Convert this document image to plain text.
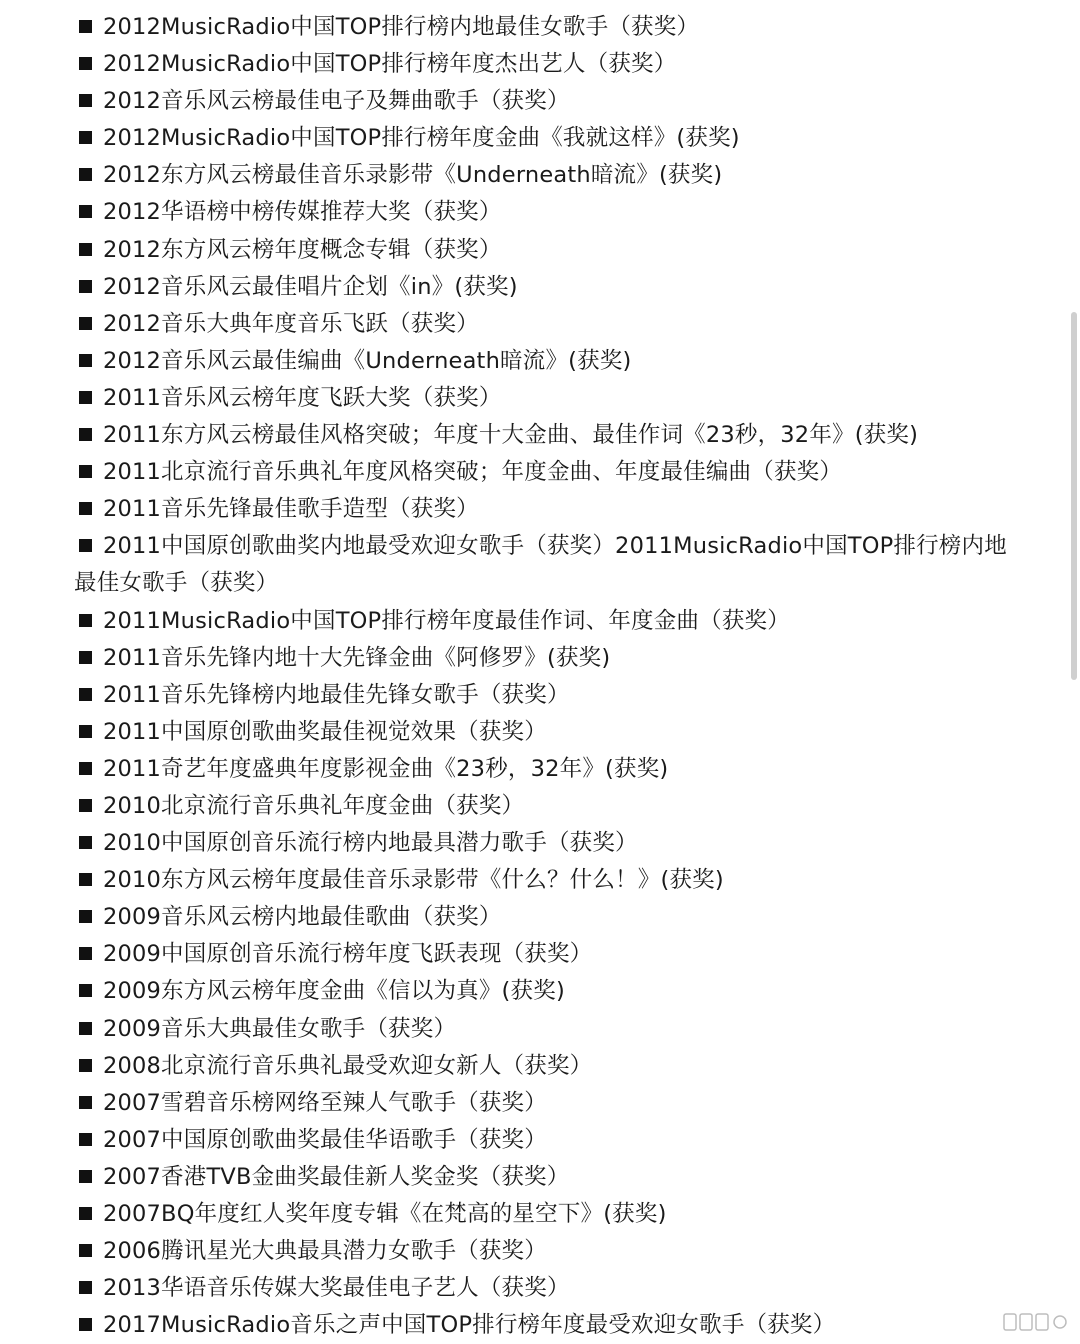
2012MusicRadio中国TOP排行榜内地最佳女歌手（获奖）
2012MusicRadio中国TOP排行榜年度杰出艺人（获奖）
2012音乐风云榜最佳电子及舞曲歌手（获奖）
2012MusicRadio中国TOP排行榜年度金曲《我就这样》(获奖)
2012东方风云榜最佳音乐录影带《Underneath暗流》(获奖)
2012华语榜中榜传媒推荐大奖（获奖）
2012东方风云榜年度概念专辑（获奖）
2012音乐风云最佳唱片企划《in》(获奖)
2012音乐大典年度音乐飞跃（获奖）
2012音乐风云最佳编曲《Underneath暗流》(获奖)
2011音乐风云榜年度飞跃大奖（获奖）
2011东方风云榜最佳风格突破；年度十大金曲、最佳作词《23秒，32年》(获奖)
2011北京流行音乐典礼年度风格突破；年度金曲、年度最佳编曲（获奖）
2011音乐先锋最佳歌手造型（获奖）
2011中国原创歌曲奖内地最受欢迎女歌手（获奖）2011MusicRadio中国TOP排行榜内地最佳女歌手（获奖）
2011MusicRadio中国TOP排行榜年度最佳作词、年度金曲（获奖）
2011音乐先锋内地十大先锋金曲《阿修罗》(获奖)
2011音乐先锋榜内地最佳先锋女歌手（获奖）
2011中国原创歌曲奖最佳视觉效果（获奖）
2011奇艺年度盛典年度影视金曲《23秒，32年》(获奖)
2010北京流行音乐典礼年度金曲（获奖）
2010中国原创音乐流行榜内地最具潜力歌手（获奖）
2010东方风云榜年度最佳音乐录影带《什么？什么！》(获奖)
2009音乐风云榜内地最佳歌曲（获奖）
2009中国原创音乐流行榜年度飞跃表现（获奖）
2009东方风云榜年度金曲《信以为真》(获奖)
2009音乐大典最佳女歌手（获奖）
2008北京流行音乐典礼最受欢迎女新人（获奖）
2007雪碧音乐榜网络至辣人气歌手（获奖）
2007中国原创歌曲奖最佳华语歌手（获奖）
2007香港TVB金曲奖最佳新人奖金奖（获奖）
2007BQ年度红人奖年度专辑《在梵高的星空下》(获奖)
2006腾讯星光大典最具潜力女歌手（获奖）
2013华语音乐传媒大奖最佳电子艺人（获奖）
2017MusicRadio音乐之声中国TOP排行榜年度最受欢迎女歌手（获奖）
